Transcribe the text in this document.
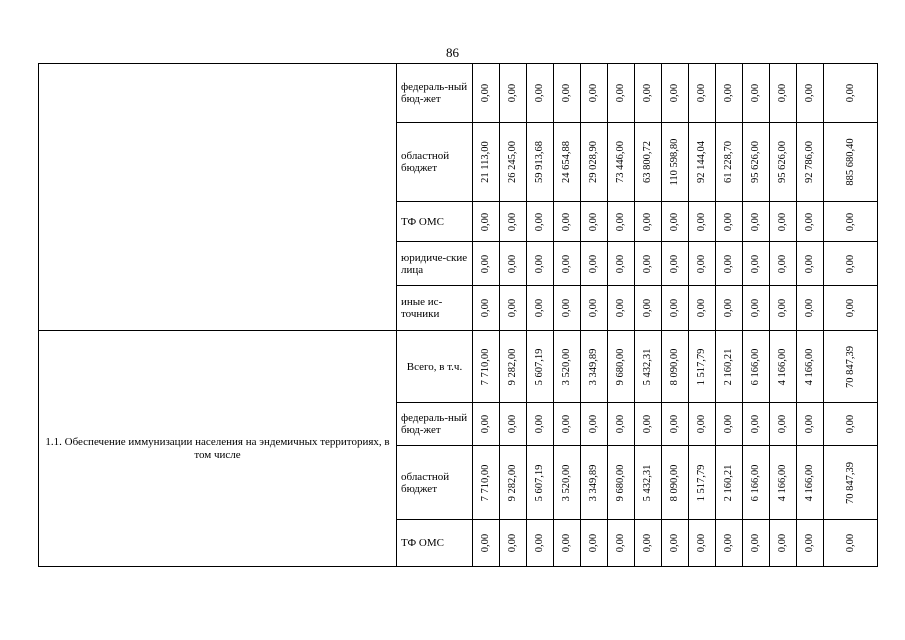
86
	федераль-ный бюд-жет	0,00	0,00	0,00	0,00	0,00	0,00	0,00	0,00	0,00	0,00	0,00	0,00	0,00	0,00

	областной бюджет	21 113,00	26 245,00	59 913,68	24 654,88	29 028,90	73 446,00	63 800,72	110 598,80	92 144,04	61 228,70	95 626,00	95 626,00	92 786,00	885 680,40

	ТФ ОМС	0,00	0,00	0,00	0,00	0,00	0,00	0,00	0,00	0,00	0,00	0,00	0,00	0,00	0,00

	юридиче-ские лица	0,00	0,00	0,00	0,00	0,00	0,00	0,00	0,00	0,00	0,00	0,00	0,00	0,00	0,00

	иные ис-точники	0,00	0,00	0,00	0,00	0,00	0,00	0,00	0,00	0,00	0,00	0,00	0,00	0,00	0,00

1.1. Обеспечение иммунизации населения на эндемичных территориях, в том числе	Всего, в т.ч.	7 710,00	9 282,00	5 607,19	3 520,00	3 349,89	9 680,00	5 432,31	8 090,00	1 517,79	2 160,21	6 166,00	4 166,00	4 166,00	70 847,39

	федераль-ный бюд-жет	0,00	0,00	0,00	0,00	0,00	0,00	0,00	0,00	0,00	0,00	0,00	0,00	0,00	0,00

	областной бюджет	7 710,00	9 282,00	5 607,19	3 520,00	3 349,89	9 680,00	5 432,31	8 090,00	1 517,79	2 160,21	6 166,00	4 166,00	4 166,00	70 847,39

	ТФ ОМС	0,00	0,00	0,00	0,00	0,00	0,00	0,00	0,00	0,00	0,00	0,00	0,00	0,00	0,00
